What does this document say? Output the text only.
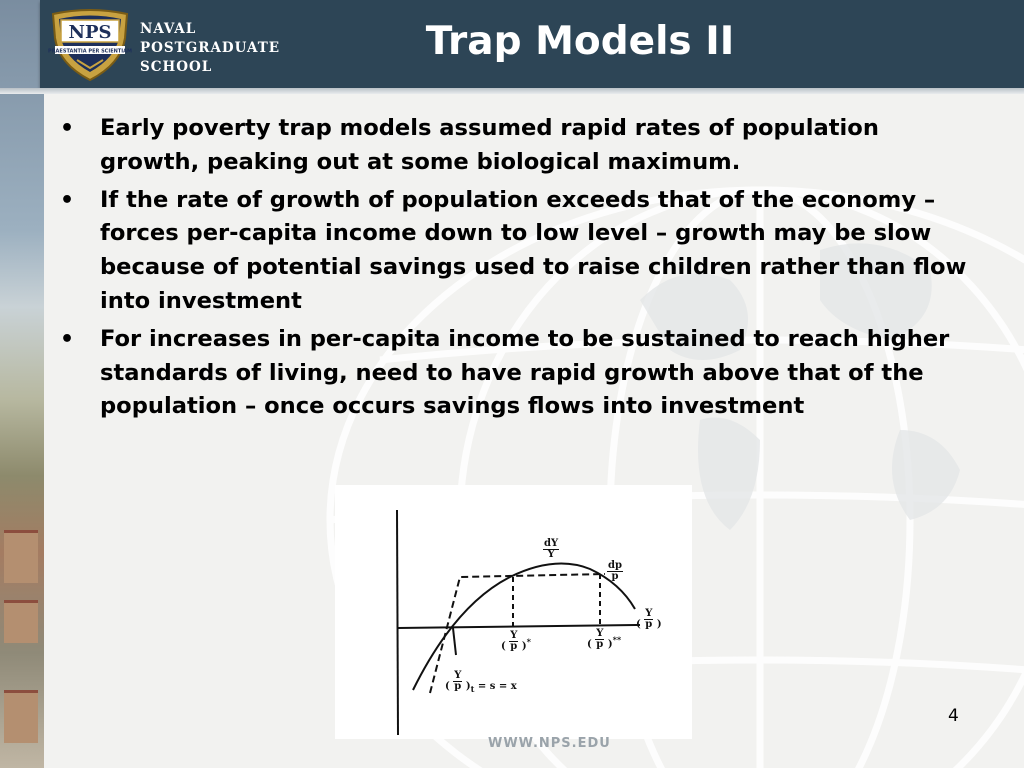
NPS
PRAESTANTIA PER SCIENTIAM
NAVAL
POSTGRADUATE
SCHOOL
Trap Models II
• Early poverty trap models assumed rapid rates of population growth, peaking out at some biological maximum.
• If the rate of growth of population exceeds that of the economy – forces per-capita income down to low level – growth may be slow because of potential savings used to raise children rather than flow into investment
• For increases in per-capita income to be sustained to reach higher standards of living, need to have rapid growth above that of the population – once occurs savings flows into investment
$\frac{dY}{Y}$
$\frac{dp}{p}$
( $\frac{Y}{p}$ )
( $\frac{Y}{p} )^*$	( $\frac{Y}{p} )^{**}$
( $\frac{Y}{p} )_t = s = x$
4
WWW.NPS.EDU
